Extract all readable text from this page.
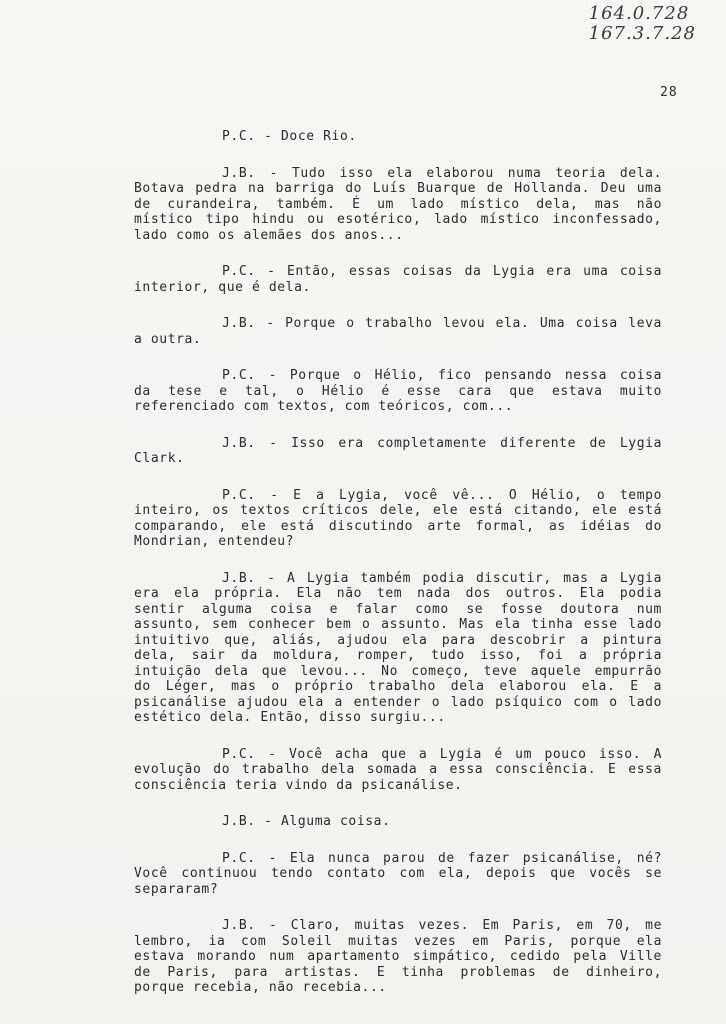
164.0.728
167.3.7.28
28

P.C. - Doce Rio.

J.B. - Tudo isso ela elaborou numa teoria dela.
Botava pedra na barriga do Luís Buarque de Hollanda. Deu uma
de curandeira, também. É um lado místico dela, mas não
místico tipo hindu ou esotérico, lado místico inconfessado,
lado como os alemães dos anos...

P.C. - Então, essas coisas da Lygia era uma coisa
interior, que é dela.

J.B. - Porque o trabalho levou ela. Uma coisa leva
a outra.

P.C. - Porque o Hélio, fico pensando nessa coisa
da tese e tal, o Hélio é esse cara que estava muito
referenciado com textos, com teóricos, com...

J.B. - Isso era completamente diferente de Lygia
Clark.

P.C. - E a Lygia, você vê... O Hélio, o tempo
inteiro, os textos críticos dele, ele está citando, ele está
comparando, ele está discutindo arte formal, as idéias do
Mondrian, entendeu?

J.B. - A Lygia também podia discutir, mas a Lygia
era ela própria. Ela não tem nada dos outros. Ela podia
sentir alguma coisa e falar como se fosse doutora num
assunto, sem conhecer bem o assunto. Mas ela tinha esse lado
intuitivo que, aliás, ajudou ela para descobrir a pintura
dela, sair da moldura, romper, tudo isso, foi a própria
intuição dela que levou... No começo, teve aquele empurrão
do Léger, mas o próprio trabalho dela elaborou ela. E a
psicanálise ajudou ela a entender o lado psíquico com o lado
estético dela. Então, disso surgiu...

P.C. - Você acha que a Lygia é um pouco isso. A
evolução do trabalho dela somada a essa consciência. E essa
consciência teria vindo da psicanálise.

J.B. - Alguma coisa.

P.C. - Ela nunca parou de fazer psicanálise, né?
Você continuou tendo contato com ela, depois que vocês se
separaram?

J.B. - Claro, muitas vezes. Em Paris, em 70, me
lembro, ia com Soleil muitas vezes em Paris, porque ela
estava morando num apartamento simpático, cedido pela Ville
de Paris, para artistas. E tinha problemas de dinheiro,
porque recebia, não recebia...
